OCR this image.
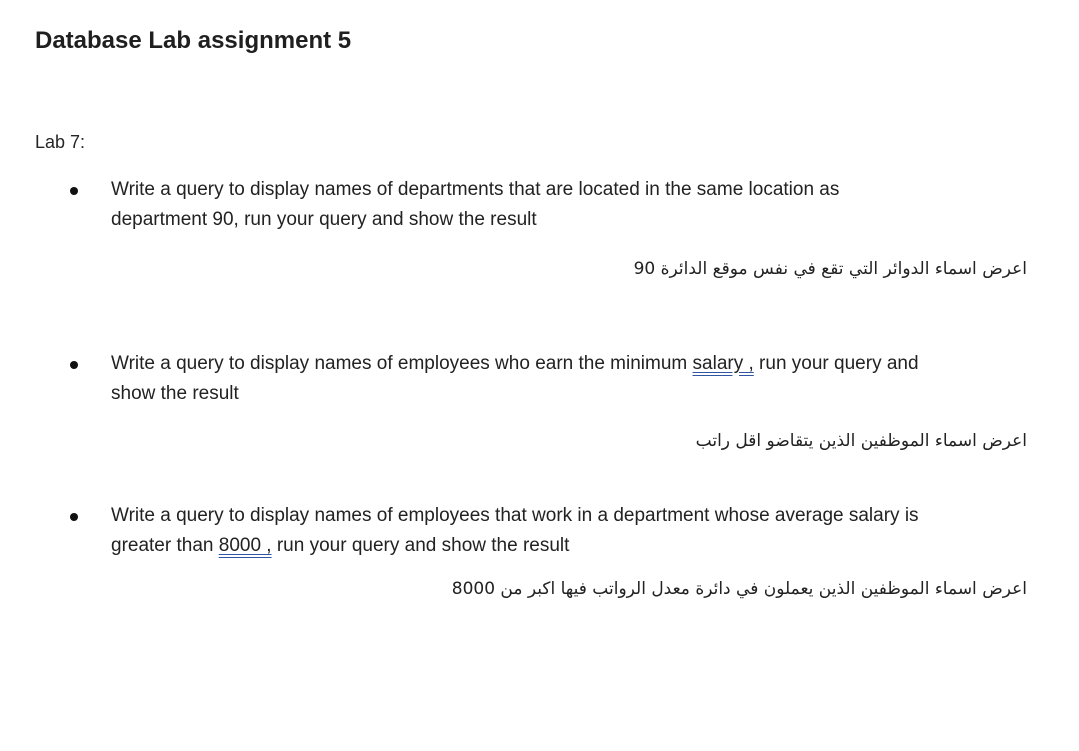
Database Lab assignment 5
Lab 7:
Write a query to display names of departments that are located in the same location as
department 90, run your query and show the result
اعرض اسماء الدوائر التي تقع في نفس موقع الدائرة 90
Write a query to display names of employees who earn the minimum salary , run your query and
show the result
اعرض اسماء الموظفين الذين يتقاضو اقل راتب
Write a query to display names of employees that work in a department whose average salary is
greater than 8000 , run your query and show the result
اعرض اسماء الموظفين الذين يعملون في دائرة معدل الرواتب فيها اكبر من 8000
